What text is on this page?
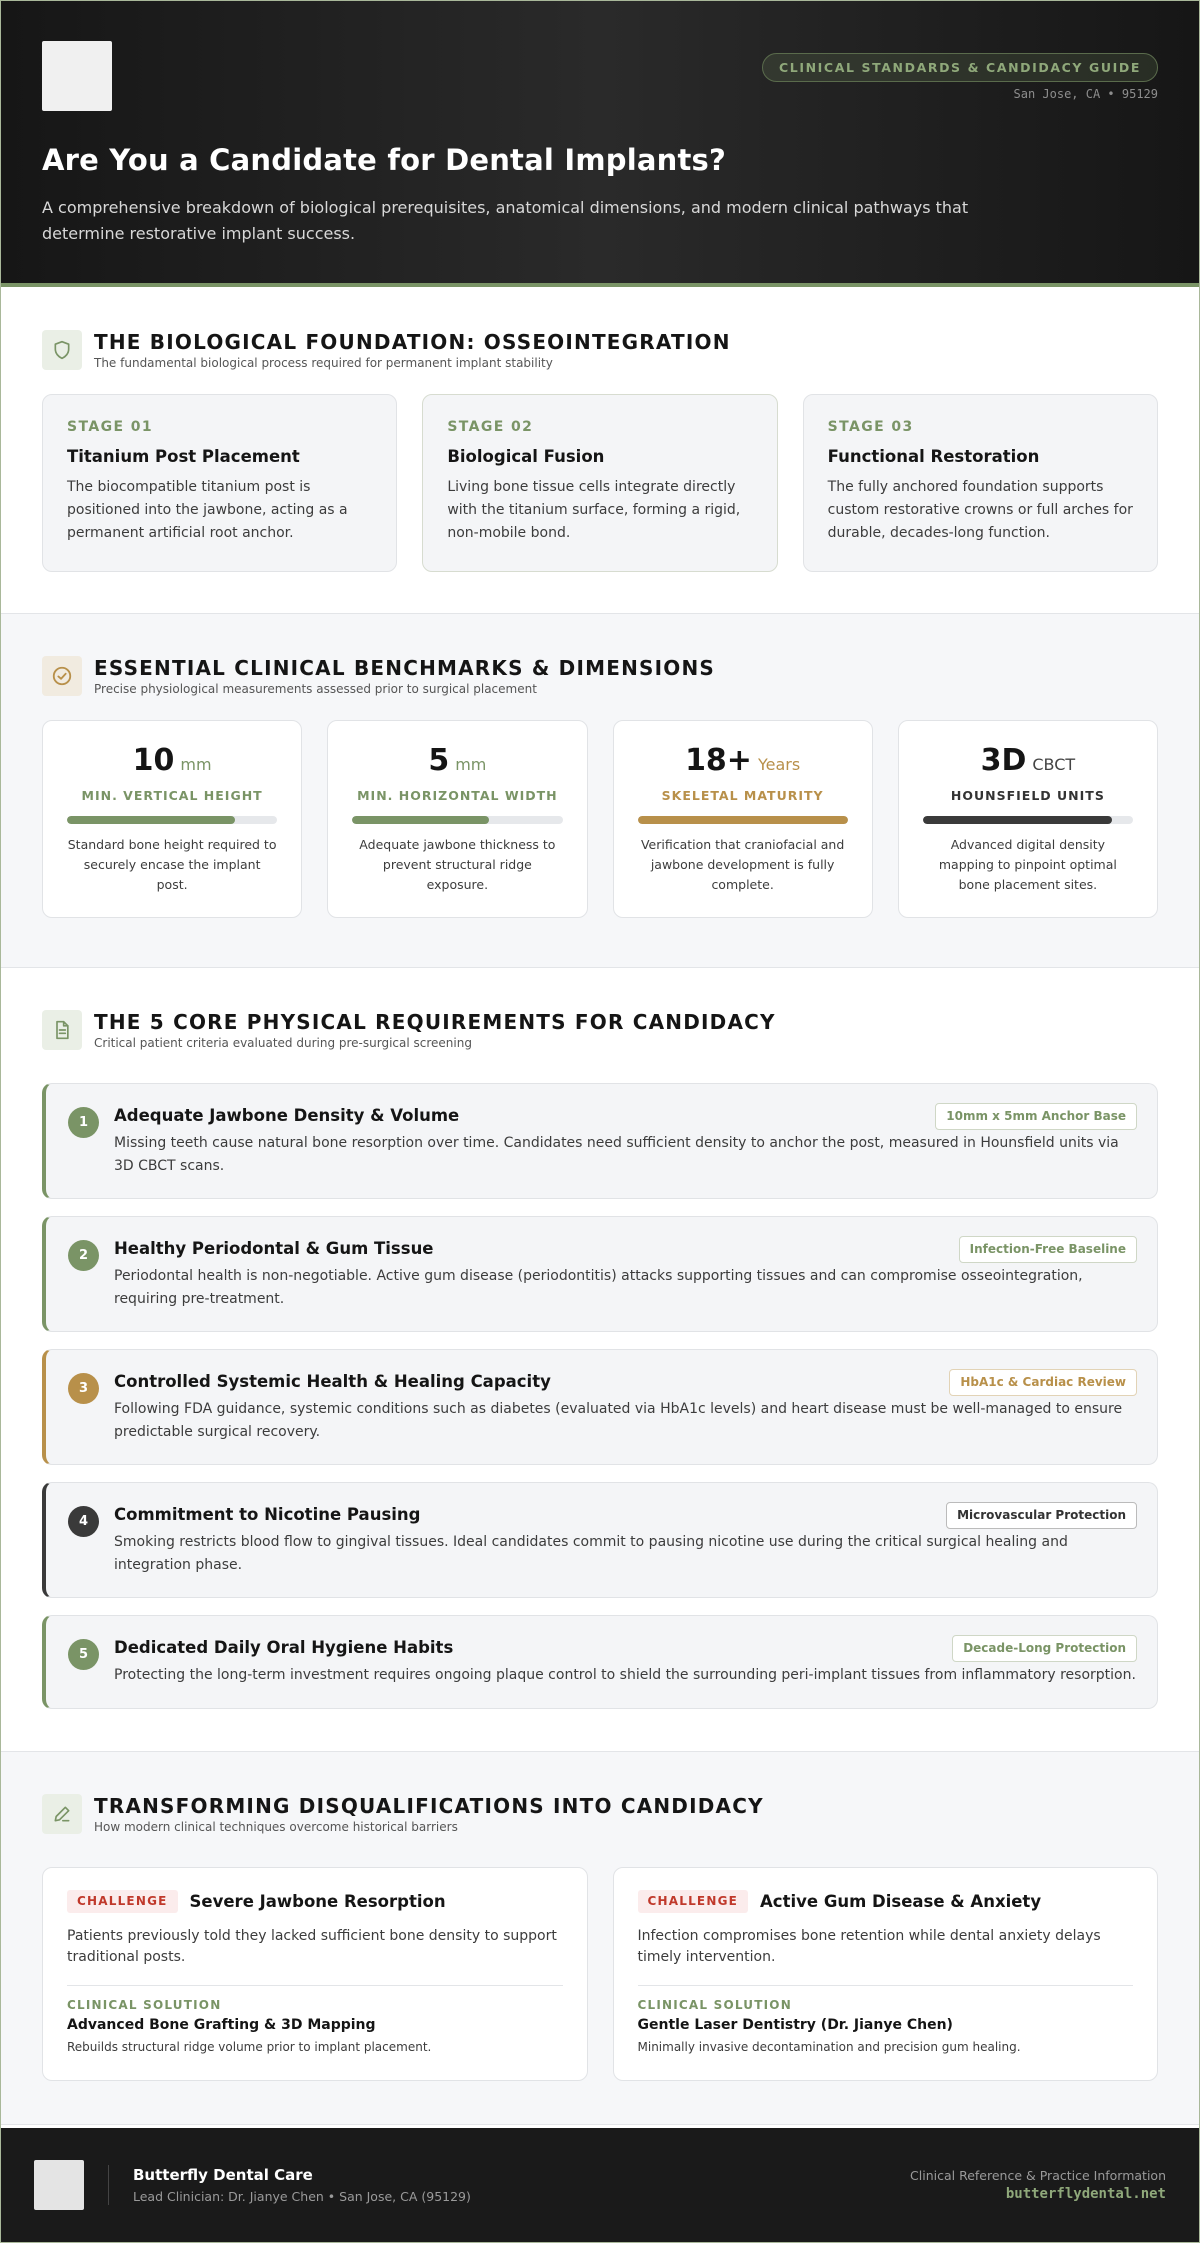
CLINICAL STANDARDS & CANDIDACY GUIDE
San Jose, CA • 95129
Are You a Candidate for Dental Implants?

A comprehensive breakdown of biological prerequisites, anatomical dimensions, and modern clinical pathways that determine restorative implant success.

THE BIOLOGICAL FOUNDATION: OSSEOINTEGRATION
The fundamental biological process required for permanent implant stability
STAGE 01
Titanium Post Placement
The biocompatible titanium post is positioned into the jawbone, acting as a permanent artificial root anchor.
STAGE 02
Biological Fusion
Living bone tissue cells integrate directly with the titanium surface, forming a rigid, non-mobile bond.
STAGE 03
Functional Restoration
The fully anchored foundation supports custom restorative crowns or full arches for durable, decades-long function.
ESSENTIAL CLINICAL BENCHMARKS & DIMENSIONS
Precise physiological measurements assessed prior to surgical placement
10 mm
MIN. VERTICAL HEIGHT
Standard bone height required to securely encase the implant post.
5 mm
MIN. HORIZONTAL WIDTH
Adequate jawbone thickness to prevent structural ridge exposure.
18+ Years
SKELETAL MATURITY
Verification that craniofacial and jawbone development is fully complete.
3D CBCT
HOUNSFIELD UNITS
Advanced digital density mapping to pinpoint optimal bone placement sites.
THE 5 CORE PHYSICAL REQUIREMENTS FOR CANDIDACY
Critical patient criteria evaluated during pre-surgical screening
1	Adequate Jawbone Density & Volume	10mm x 5mm Anchor Base
Missing teeth cause natural bone resorption over time. Candidates need sufficient density to anchor the post, measured in Hounsfield units via 3D CBCT scans.
2	Healthy Periodontal & Gum Tissue	Infection-Free Baseline
Periodontal health is non-negotiable. Active gum disease (periodontitis) attacks supporting tissues and can compromise osseointegration, requiring pre-treatment.
3	Controlled Systemic Health & Healing Capacity	HbA1c & Cardiac Review
Following FDA guidance, systemic conditions such as diabetes (evaluated via HbA1c levels) and heart disease must be well-managed to ensure predictable surgical recovery.
4	Commitment to Nicotine Pausing	Microvascular Protection
Smoking restricts blood flow to gingival tissues. Ideal candidates commit to pausing nicotine use during the critical surgical healing and integration phase.
5	Dedicated Daily Oral Hygiene Habits	Decade-Long Protection
Protecting the long-term investment requires ongoing plaque control to shield the surrounding peri-implant tissues from inflammatory resorption.
TRANSFORMING DISQUALIFICATIONS INTO CANDIDACY
How modern clinical techniques overcome historical barriers
CHALLENGE	Severe Jawbone Resorption
Patients previously told they lacked sufficient bone density to support traditional posts.
CLINICAL SOLUTION
Advanced Bone Grafting & 3D Mapping
Rebuilds structural ridge volume prior to implant placement.
CHALLENGE	Active Gum Disease & Anxiety
Infection compromises bone retention while dental anxiety delays timely intervention.
CLINICAL SOLUTION
Gentle Laser Dentistry (Dr. Jianye Chen)
Minimally invasive decontamination and precision gum healing.
Butterfly Dental Care
Lead Clinician: Dr. Jianye Chen • San Jose, CA (95129)
Clinical Reference & Practice Information
butterflydental.net
